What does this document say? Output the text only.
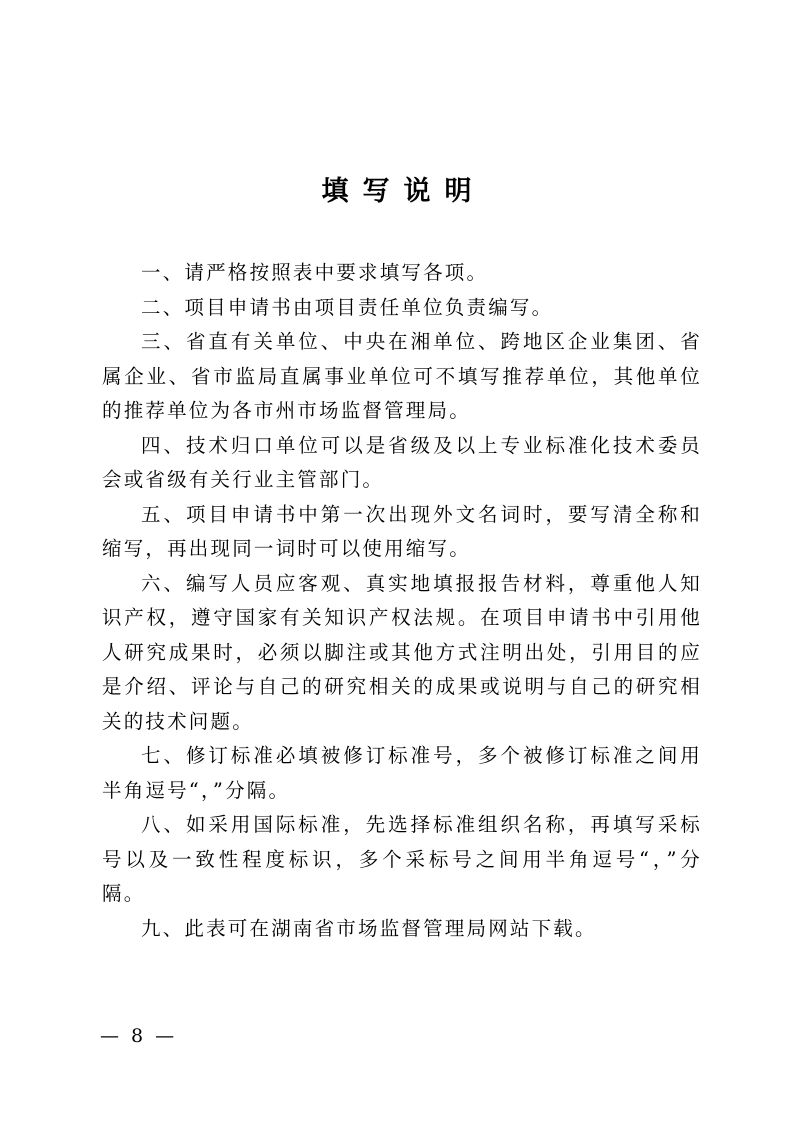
填写说明

一、请严格按照表中要求填写各项。

二、项目申请书由项目责任单位负责编写。

三、省直有关单位、中央在湘单位、跨地区企业集团、省属企业、省市监局直属事业单位可不填写推荐单位，其他单位的推荐单位为各市州市场监督管理局。

四、技术归口单位可以是省级及以上专业标准化技术委员会或省级有关行业主管部门。

五、项目申请书中第一次出现外文名词时，要写清全称和缩写，再出现同一词时可以使用缩写。

六、编写人员应客观、真实地填报报告材料，尊重他人知识产权，遵守国家有关知识产权法规。在项目申请书中引用他人研究成果时，必须以脚注或其他方式注明出处，引用目的应是介绍、评论与自己的研究相关的成果或说明与自己的研究相关的技术问题。

七、修订标准必填被修订标准号，多个被修订标准之间用半角逗号“，”分隔。

八、如采用国际标准，先选择标准组织名称，再填写采标号以及一致性程度标识，多个采标号之间用半角逗号“，”分隔。

九、此表可在湖南省市场监督管理局网站下载。

— 8 —
